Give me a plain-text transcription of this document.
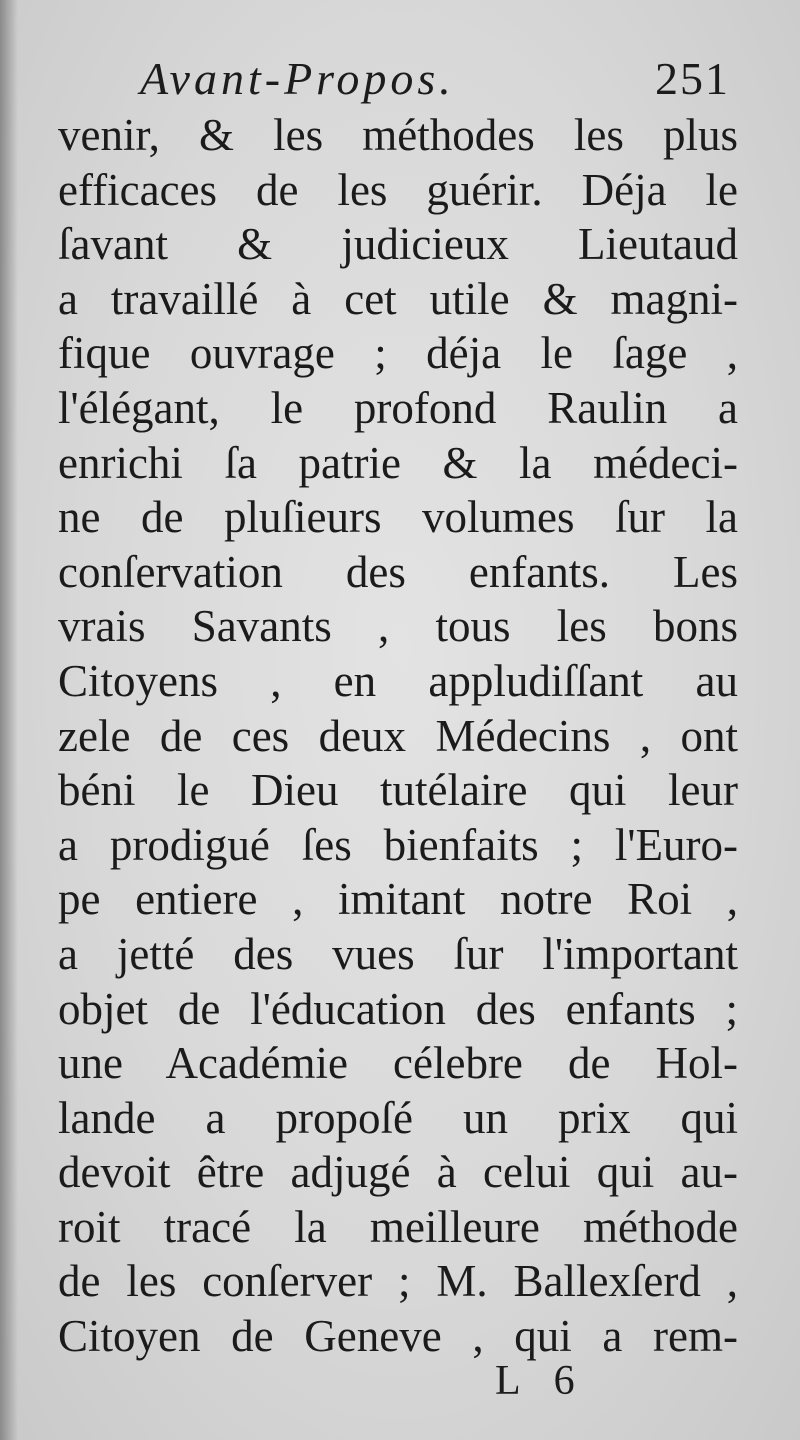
Avant-Propos.	251
venir, & les méthodes les plus
efficaces de les guérir. Déja le
ſavant & judicieux Lieutaud
a travaillé à cet utile & magni-
fique ouvrage ; déja le ſage ,
l'élégant, le profond Raulin a
enrichi ſa patrie & la médeci-
ne de pluſieurs volumes ſur la
conſervation des enfants. Les
vrais Savants , tous les bons
Citoyens , en appludiſſant au
zele de ces deux Médecins , ont
béni le Dieu tutélaire qui leur
a prodigué ſes bienfaits ; l'Euro-
pe entiere , imitant notre Roi ,
a jetté des vues ſur l'important
objet de l'éducation des enfants ;
une Académie célebre de Hol-
lande a propoſé un prix qui
devoit être adjugé à celui qui au-
roit tracé la meilleure méthode
de les conſerver ; M. Ballexſerd ,
Citoyen de Geneve , qui a rem-
L 6
